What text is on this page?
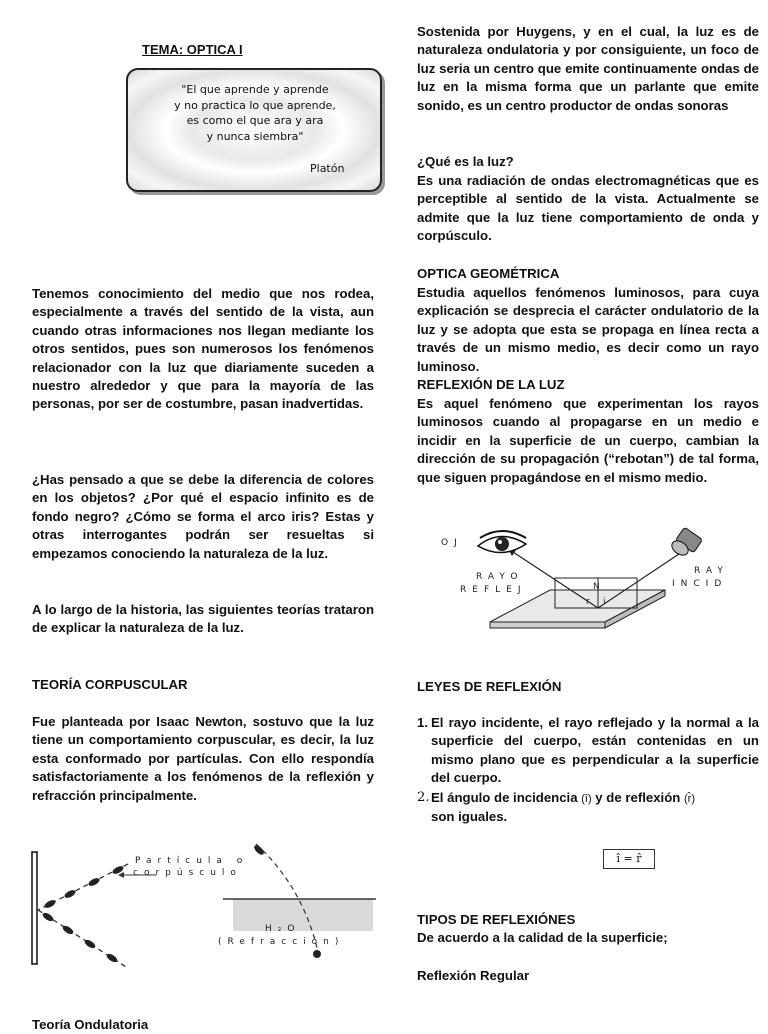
TEMA: OPTICA I
"El que aprende y aprende
y no practica lo que aprende,
es como el que ara y ara
y nunca siembra"
Platón
Tenemos conocimiento del medio que nos rodea, especialmente a través del sentido de la vista, aun cuando otras informaciones nos llegan mediante los otros sentidos, pues son numerosos los fenómenos relacionador con la luz que diariamente suceden a nuestro alrededor y que para la mayoría de las personas, por ser de costumbre, pasan inadvertidas.
¿Has pensado a que se debe la diferencia de colores en los objetos? ¿Por qué el espacio infinito es de fondo negro? ¿Cómo se forma el arco iris? Estas y otras interrogantes podrán ser resueltas si empezamos conociendo la naturaleza de la luz.
A lo largo de la historia, las siguientes teorías trataron de explicar la naturaleza de la luz.
TEORÍA CORPUSCULAR
Fue planteada por Isaac Newton, sostuvo que la luz tiene un comportamiento corpuscular, es decir, la luz esta conformado por partículas. Con ello respondía satisfactoriamente a los fenómenos de la reflexión y refracción principalmente.
Partícula o
corpúsculo
H₂O
(Refracción)
Teoría Ondulatoria
Sostenida por Huygens, y en el cual, la luz es de naturaleza ondulatoria y por consiguiente, un foco de luz seria un centro que emite continuamente ondas de luz en la misma forma que un parlante que emite sonido, es un centro productor de ondas sonoras
¿Qué es la luz?
Es una radiación de ondas electromagnéticas que es perceptible al sentido de la vista. Actualmente se admite que la luz tiene comportamiento de onda y corpúsculo.
OPTICA GEOMÉTRICA
Estudia aquellos fenómenos luminosos, para cuya explicación se desprecia el carácter ondulatorio de la luz y se adopta que esta se propaga en línea recta a través de un mismo medio, es decir como un rayo luminoso.
REFLEXIÓN DE LA LUZ
Es aquel fenómeno que experimentan los rayos luminosos cuando al propagarse en un medio e incidir en la superficie de un cuerpo, cambian la dirección de su propagación (“rebotan”) de tal forma, que siguen propagándose en el mismo medio.
OJ
RAYO
REFLEJ	N
RAY
INCID
r i
LEYES DE REFLEXIÓN
1. El rayo incidente, el rayo reflejado y la normal a la superficie del cuerpo, están contenidas en un mismo plano que es perpendicular a la superficie del cuerpo.
2. El ángulo de incidencia (î) y de reflexión (r̂)
son iguales.
î = r̂
TIPOS DE REFLEXIÓNES
De acuerdo a la calidad de la superficie;
Reflexión Regular
